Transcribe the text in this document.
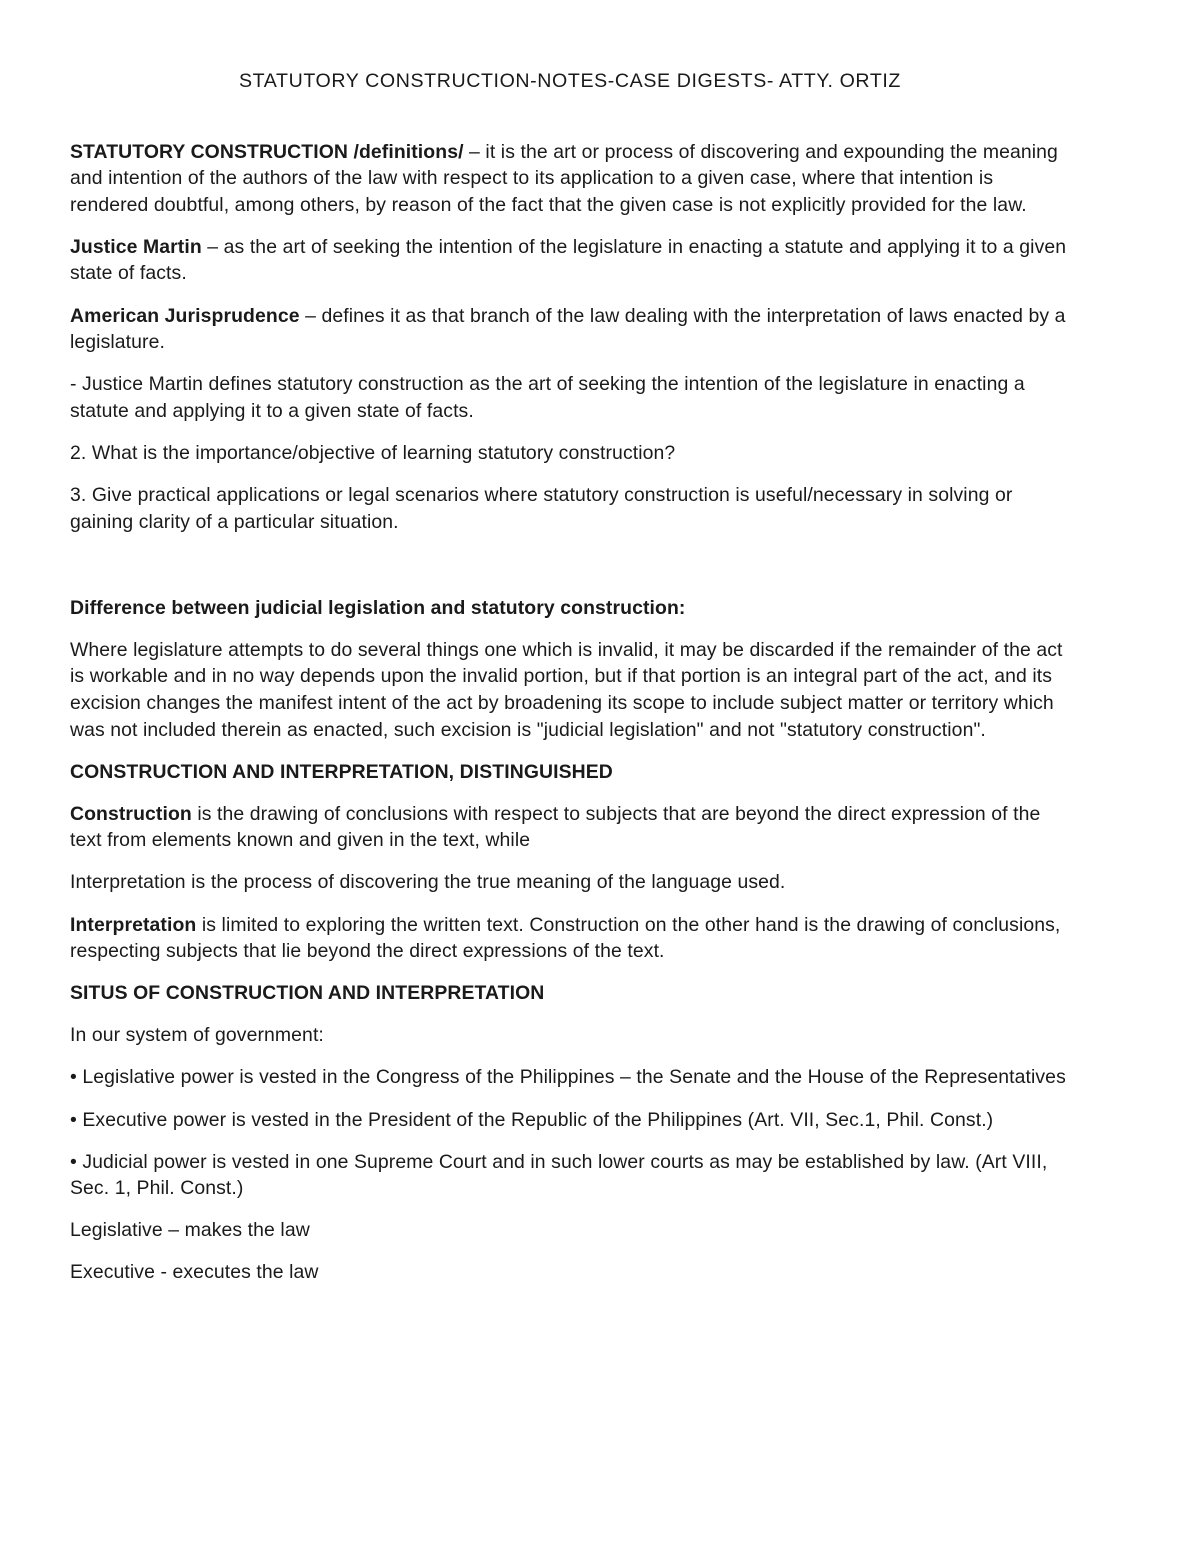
STATUTORY CONSTRUCTION-NOTES-CASE DIGESTS- ATTY. ORTIZ

STATUTORY CONSTRUCTION /definitions/ – it is the art or process of discovering and expounding the meaning and intention of the authors of the law with respect to its application to a given case, where that intention is rendered doubtful, among others, by reason of the fact that the given case is not explicitly provided for the law.

Justice Martin – as the art of seeking the intention of the legislature in enacting a statute and applying it to a given state of facts.

American Jurisprudence – defines it as that branch of the law dealing with the interpretation of laws enacted by a legislature.

- Justice Martin defines statutory construction as the art of seeking the intention of the legislature in enacting a statute and applying it to a given state of facts.

2. What is the importance/objective of learning statutory construction?

3. Give practical applications or legal scenarios where statutory construction is useful/necessary in solving or gaining clarity of a particular situation.

Difference between judicial legislation and statutory construction:

Where legislature attempts to do several things one which is invalid, it may be discarded if the remainder of the act is workable and in no way depends upon the invalid portion, but if that portion is an integral part of the act, and its excision changes the manifest intent of the act by broadening its scope to include subject matter or territory which was not included therein as enacted, such excision is "judicial legislation" and not "statutory construction".

CONSTRUCTION AND INTERPRETATION, DISTINGUISHED

Construction is the drawing of conclusions with respect to subjects that are beyond the direct expression of the text from elements known and given in the text, while

Interpretation is the process of discovering the true meaning of the language used.

Interpretation is limited to exploring the written text. Construction on the other hand is the drawing of conclusions, respecting subjects that lie beyond the direct expressions of the text.

SITUS OF CONSTRUCTION AND INTERPRETATION

In our system of government:

• Legislative power is vested in the Congress of the Philippines – the Senate and the House of the Representatives

• Executive power is vested in the President of the Republic of the Philippines (Art. VII, Sec.1, Phil. Const.)

• Judicial power is vested in one Supreme Court and in such lower courts as may be established by law. (Art VIII, Sec. 1, Phil. Const.)

Legislative – makes the law

Executive - executes the law
